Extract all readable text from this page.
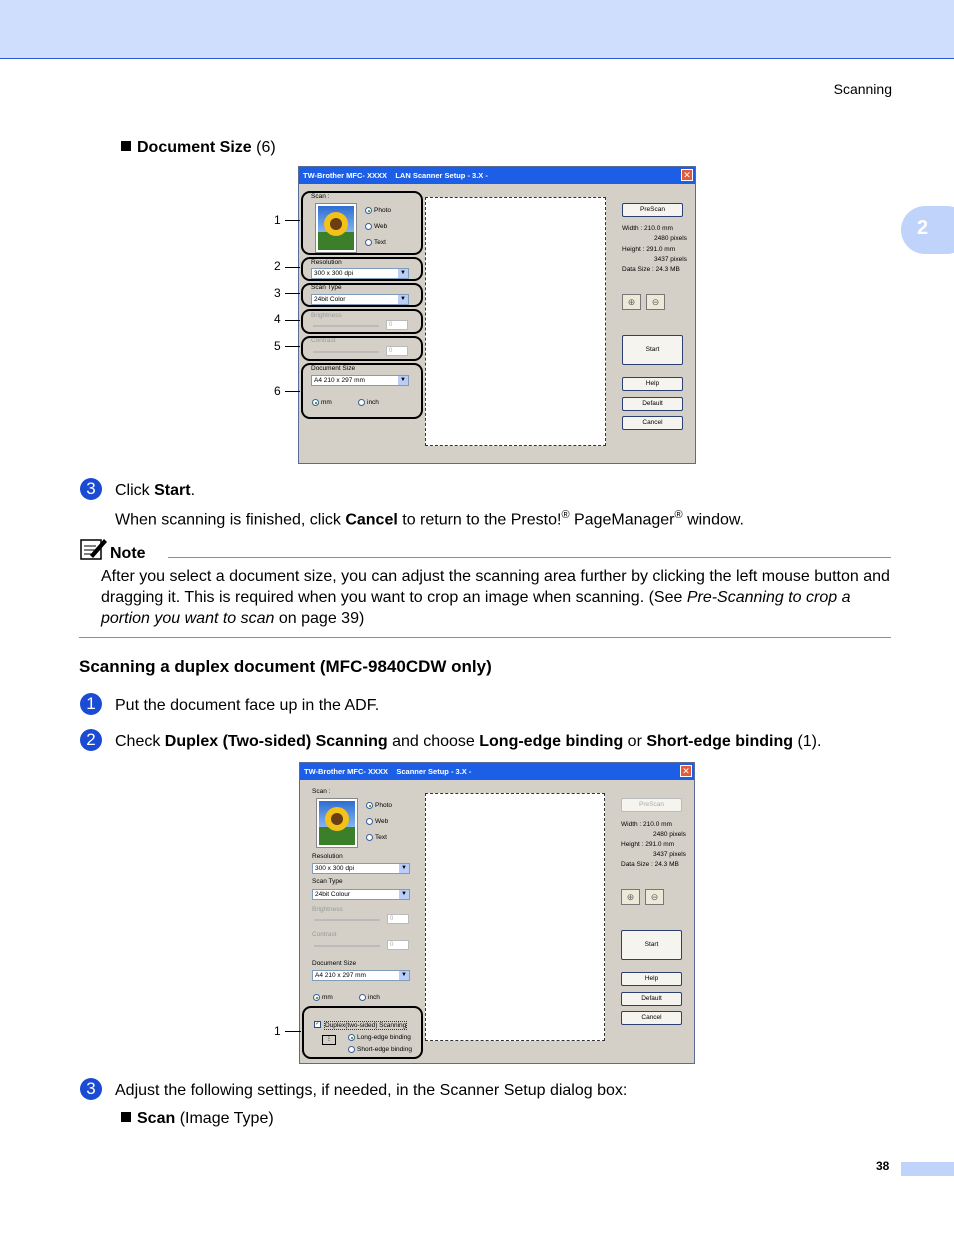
Scanning
2
Document Size (6)
TW-Brother MFC- XXXX    LAN Scanner Setup - 3.X -	✕
Scan :
Photo
Web
Text
Resolution
300 x 300 dpi	▼
Scan Type
24bit Color	▼
Brightness
0
Contrast
0
Document Size
A4 210 x 297 mm	▼
mm	inch
PreScan
Width : 210.0 mm
2480 pixels
Height : 291.0 mm
3437 pixels
Data Size : 24.3 MB
⊕	⊖
Start
Help
Default
Cancel
1
2
3
4
5
6
3	Click Start.
When scanning is finished, click Cancel to return to the Presto!® PageManager® window.
Note
After you select a document size, you can adjust the scanning area further by clicking the left mouse button and dragging it. This is required when you want to crop an image when scanning. (See Pre-Scanning to crop a portion you want to scan on page 39)
Scanning a duplex document (MFC-9840CDW only)
1	Put the document face up in the ADF.
2	Check Duplex (Two-sided) Scanning and choose Long-edge binding or Short-edge binding (1).
TW-Brother MFC- XXXX    Scanner Setup - 3.X -	✕
Scan :
Photo
Web
Text
Resolution
300 x 300 dpi	▼
Scan Type
24bit Colour	▼
Brightness
0
Contrast
0
Document Size
A4 210 x 297 mm	▼
mm	inch
✓ Duplex(two-sided) Scanning
⁝	Long-edge binding
Short-edge binding
PreScan
Width : 210.0 mm
2480 pixels
Height : 291.0 mm
3437 pixels
Data Size : 24.3 MB
⊕	⊖
Start
Help
Default
Cancel
1
3	Adjust the following settings, if needed, in the Scanner Setup dialog box:
Scan (Image Type)
38
